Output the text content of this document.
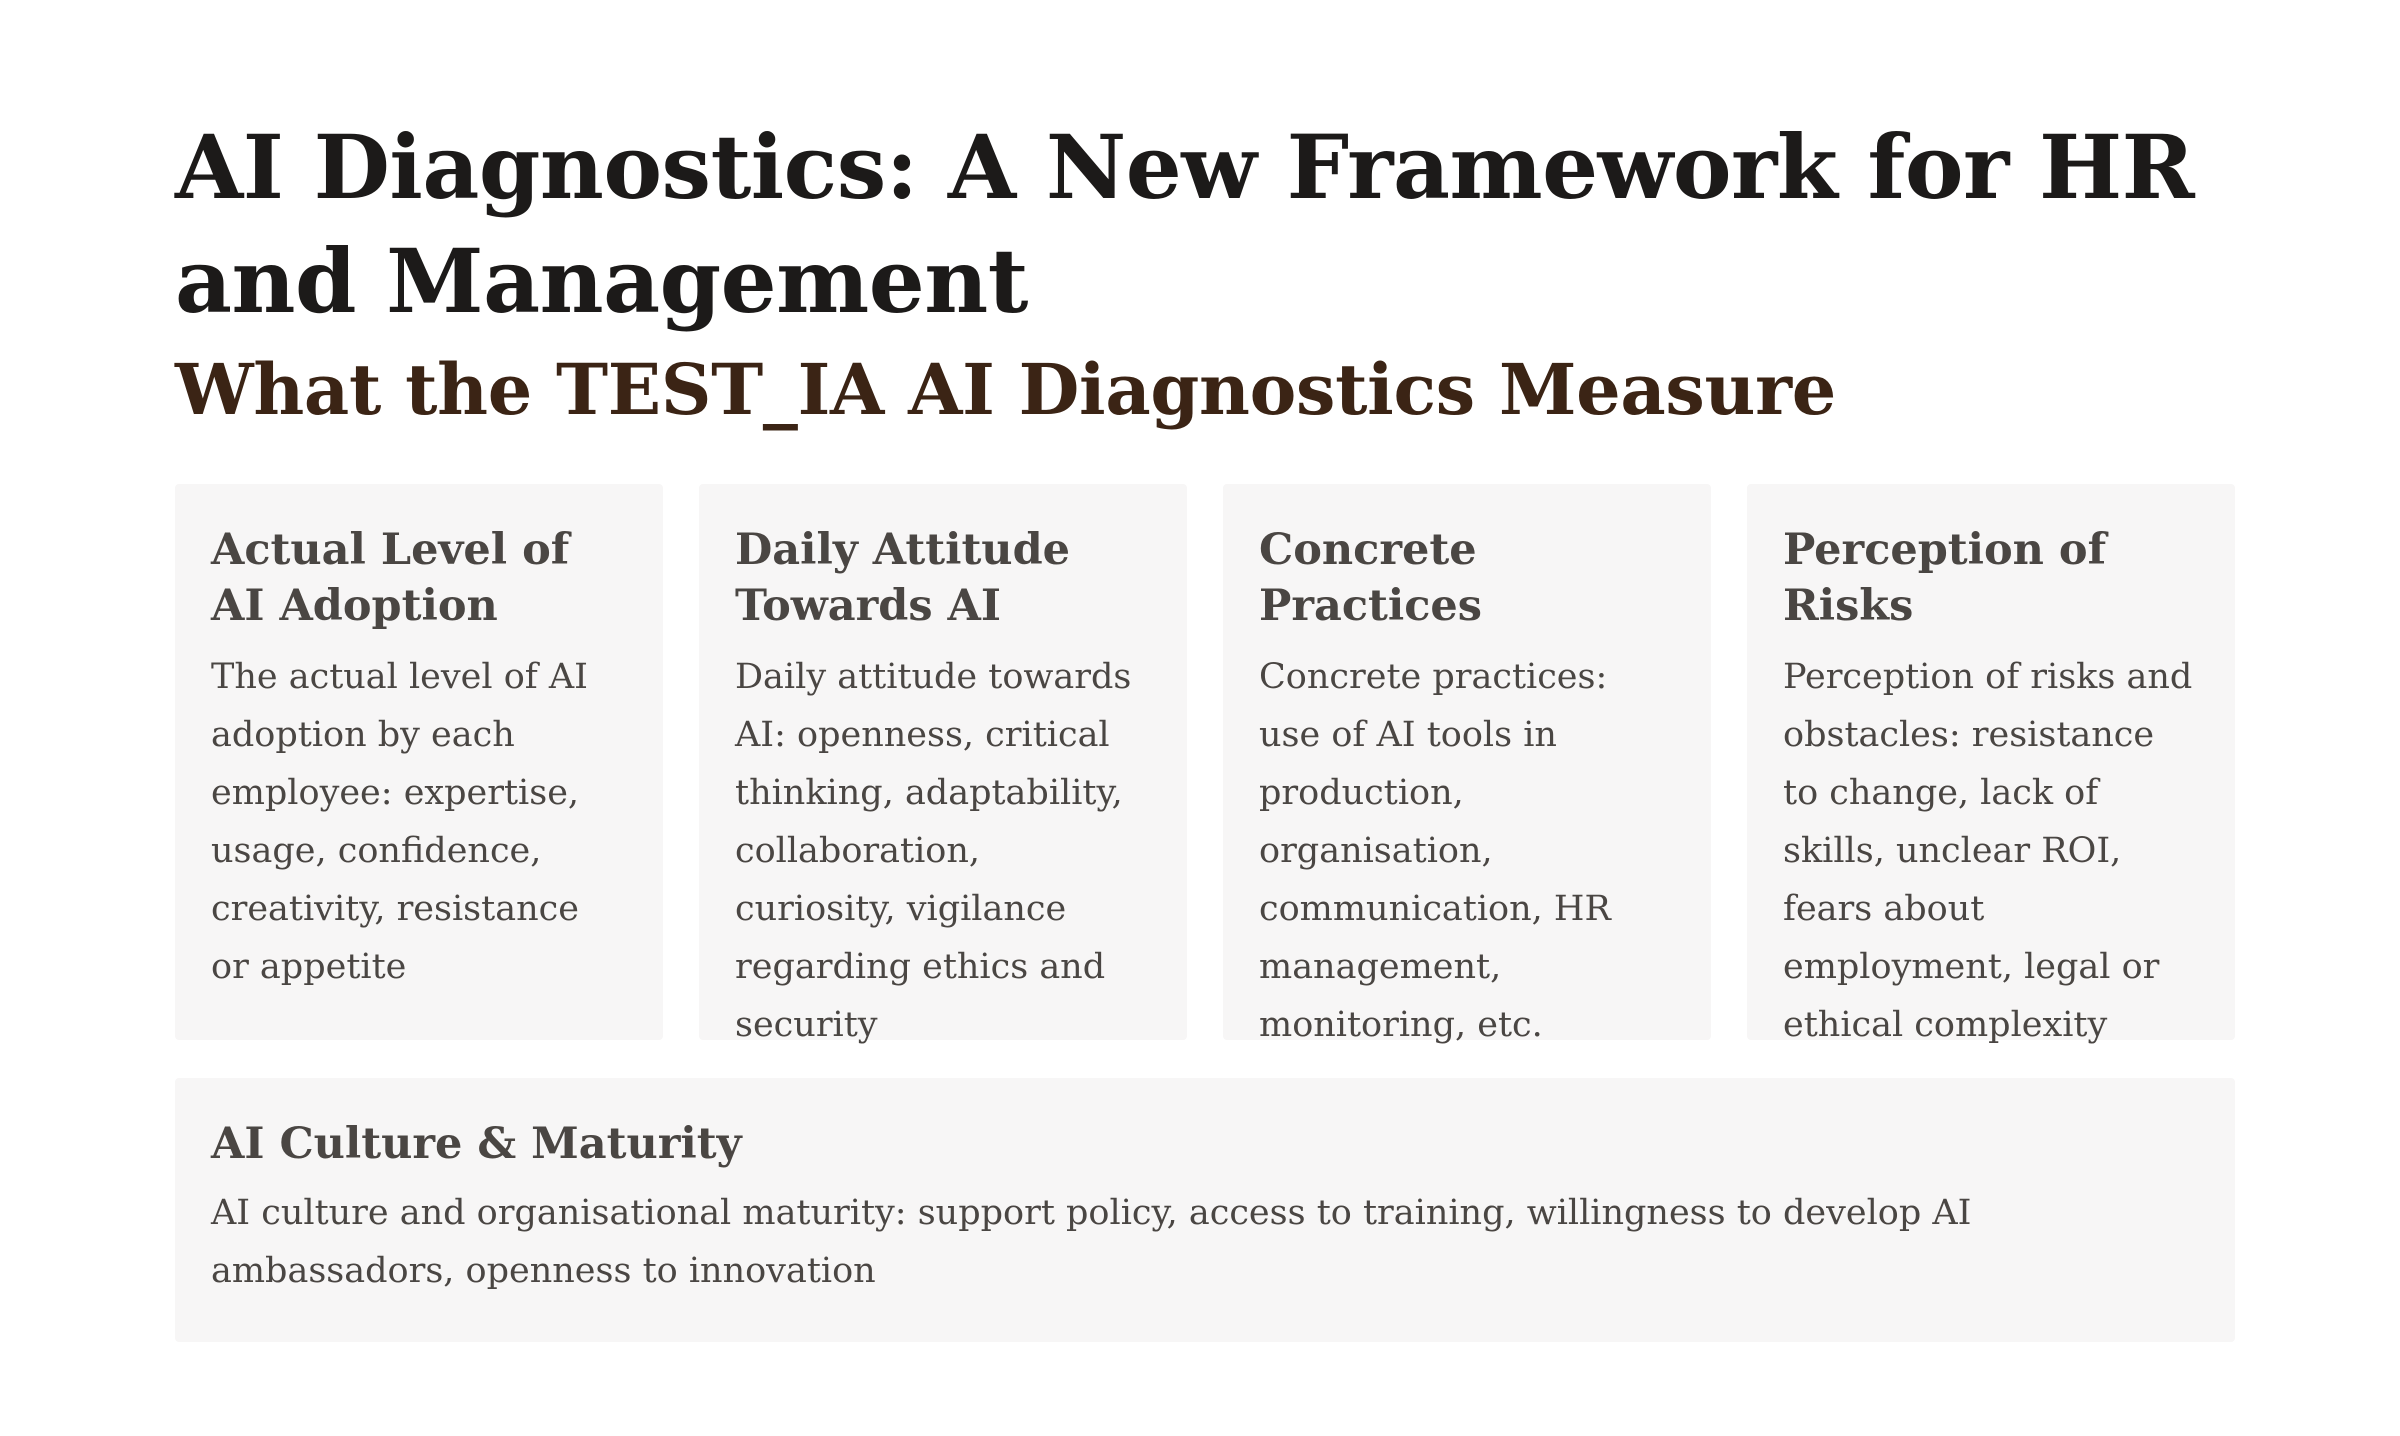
AI Diagnostics: A New Framework for HR and Management
What the TEST_IA AI Diagnostics Measure
Actual Level of AI Adoption

The actual level of AI adoption by each employee: expertise, usage, confidence, creativity, resistance or appetite

Daily Attitude Towards AI

Daily attitude towards AI: openness, critical thinking, adaptability, collaboration, curiosity, vigilance regarding ethics and security

Concrete Practices

Concrete practices: use of AI tools in production, organisation, communication, HR management, monitoring, etc.

Perception of Risks

Perception of risks and obstacles: resistance to change, lack of skills, unclear ROI, fears about employment, legal or ethical complexity

AI Culture & Maturity

AI culture and organisational maturity: support policy, access to training, willingness to develop AI ambassadors, openness to innovation
